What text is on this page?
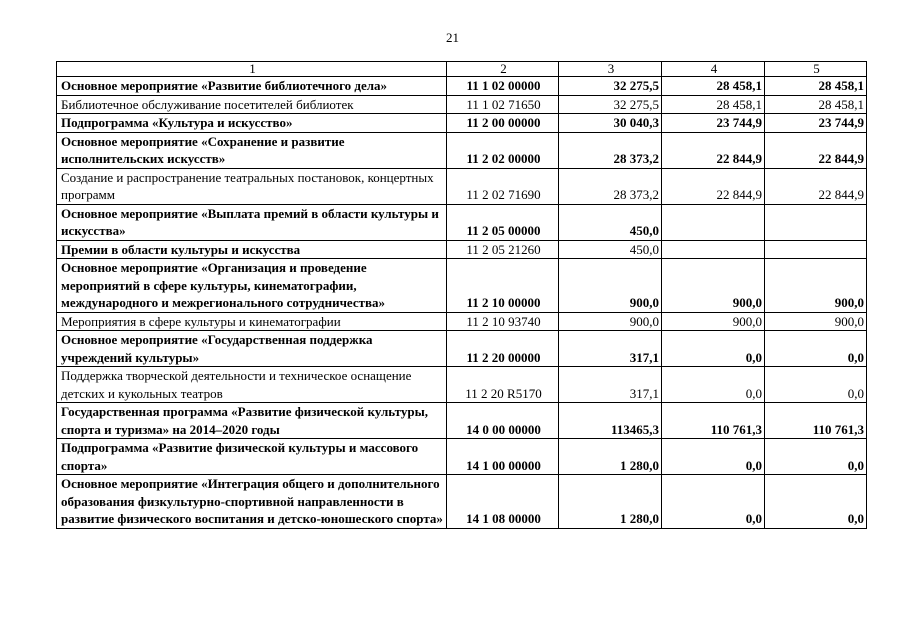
21
1	2	3	4	5
Основное мероприятие «Развитие библиотечного дела»	11 1 02 00000	32 275,5	28 458,1	28 458,1
Библиотечное обслуживание посетителей библиотек	11 1 02 71650	32 275,5	28 458,1	28 458,1
Подпрограмма «Культура и искусство»	11 2 00 00000	30 040,3	23 744,9	23 744,9
Основное мероприятие «Сохранение и развитие исполнительских искусств»	11 2 02 00000	28 373,2	22 844,9	22 844,9
Создание и распространение театральных постановок, концертных программ	11 2 02 71690	28 373,2	22 844,9	22 844,9
Основное мероприятие «Выплата премий в области культуры и искусства»	11 2 05 00000	450,0		
Премии в области культуры и искусства	11 2 05 21260	450,0		
Основное мероприятие «Организация и проведение мероприятий в сфере культуры, кинематографии, международного и межрегионального сотрудничества»	11 2 10 00000	900,0	900,0	900,0
Мероприятия в сфере культуры и кинематографии	11 2 10 93740	900,0	900,0	900,0
Основное мероприятие «Государственная поддержка учреждений культуры»	11 2 20 00000	317,1	0,0	0,0
Поддержка творческой деятельности и техническое оснащение детских и кукольных театров	11 2 20 R5170	317,1	0,0	0,0
Государственная программа «Развитие физической культуры, спорта и туризма» на 2014–2020 годы	14 0 00 00000	113465,3	110 761,3	110 761,3
Подпрограмма «Развитие физической культуры и массового спорта»	14 1 00 00000	1 280,0	0,0	0,0
Основное мероприятие «Интеграция общего и дополнительного образования физкультурно-спортивной направленности в развитие физического воспитания и детско-юношеского спорта»	14 1 08 00000	1 280,0	0,0	0,0
